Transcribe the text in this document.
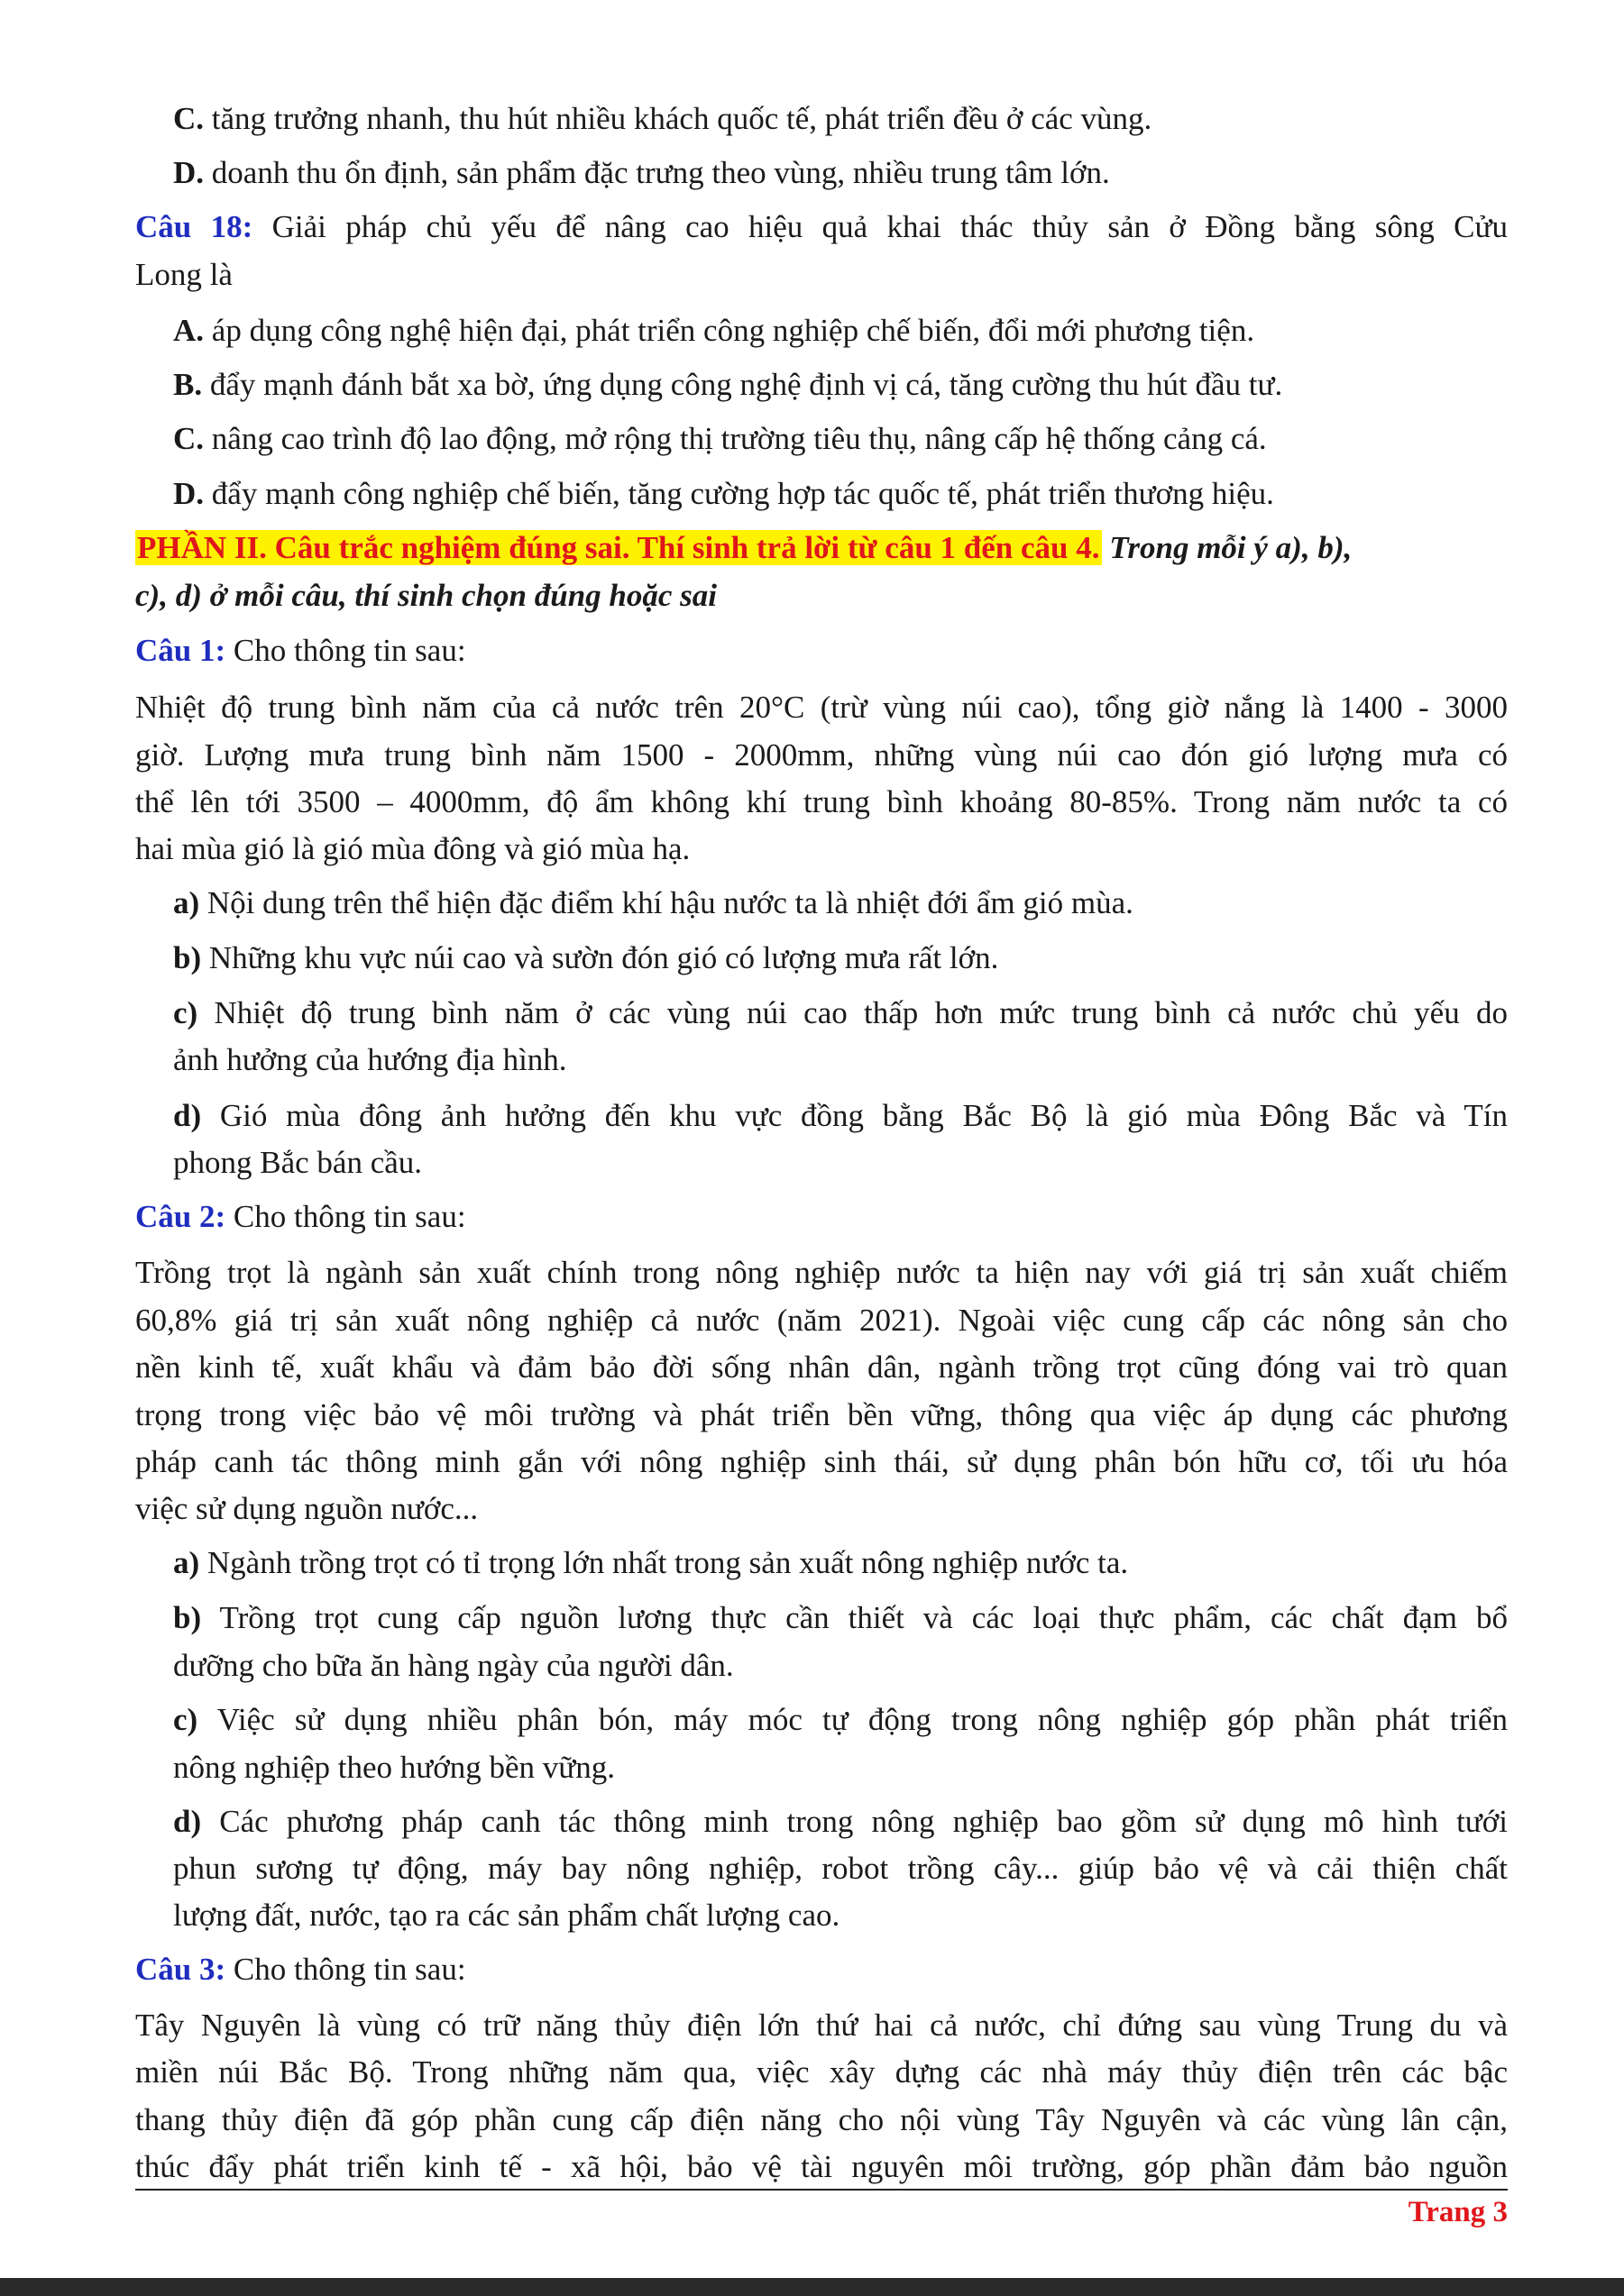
C. tăng trưởng nhanh, thu hút nhiều khách quốc tế, phát triển đều ở các vùng.
D. doanh thu ổn định, sản phẩm đặc trưng theo vùng, nhiều trung tâm lớn.
Câu 18: Giải pháp chủ yếu để nâng cao hiệu quả khai thác thủy sản ở Đồng bằng sông Cửu
Long là
A. áp dụng công nghệ hiện đại, phát triển công nghiệp chế biến, đổi mới phương tiện.
B. đẩy mạnh đánh bắt xa bờ, ứng dụng công nghệ định vị cá, tăng cường thu hút đầu tư.
C. nâng cao trình độ lao động, mở rộng thị trường tiêu thụ, nâng cấp hệ thống cảng cá.
D. đẩy mạnh công nghiệp chế biến, tăng cường hợp tác quốc tế, phát triển thương hiệu.
PHẦN II. Câu trắc nghiệm đúng sai. Thí sinh trả lời từ câu 1 đến câu 4. Trong mỗi ý a), b),
c), d) ở mỗi câu, thí sinh chọn đúng hoặc sai
Câu 1: Cho thông tin sau:
Nhiệt độ trung bình năm của cả nước trên 20°C (trừ vùng núi cao), tổng giờ nắng là 1400 - 3000
giờ. Lượng mưa trung bình năm 1500 - 2000mm, những vùng núi cao đón gió lượng mưa có
thể lên tới 3500 – 4000mm, độ ẩm không khí trung bình khoảng 80-85%. Trong năm nước ta có
hai mùa gió là gió mùa đông và gió mùa hạ.
a) Nội dung trên thể hiện đặc điểm khí hậu nước ta là nhiệt đới ẩm gió mùa.
b) Những khu vực núi cao và sườn đón gió có lượng mưa rất lớn.
c) Nhiệt độ trung bình năm ở các vùng núi cao thấp hơn mức trung bình cả nước chủ yếu do
ảnh hưởng của hướng địa hình.
d) Gió mùa đông ảnh hưởng đến khu vực đồng bằng Bắc Bộ là gió mùa Đông Bắc và Tín
phong Bắc bán cầu.
Câu 2: Cho thông tin sau:
Trồng trọt là ngành sản xuất chính trong nông nghiệp nước ta hiện nay với giá trị sản xuất chiếm
60,8% giá trị sản xuất nông nghiệp cả nước (năm 2021). Ngoài việc cung cấp các nông sản cho
nền kinh tế, xuất khẩu và đảm bảo đời sống nhân dân, ngành trồng trọt cũng đóng vai trò quan
trọng trong việc bảo vệ môi trường và phát triển bền vững, thông qua việc áp dụng các phương
pháp canh tác thông minh gắn với nông nghiệp sinh thái, sử dụng phân bón hữu cơ, tối ưu hóa
việc sử dụng nguồn nước...
a) Ngành trồng trọt có tỉ trọng lớn nhất trong sản xuất nông nghiệp nước ta.
b) Trồng trọt cung cấp nguồn lương thực cần thiết và các loại thực phẩm, các chất đạm bổ
dưỡng cho bữa ăn hàng ngày của người dân.
c) Việc sử dụng nhiều phân bón, máy móc tự động trong nông nghiệp góp phần phát triển
nông nghiệp theo hướng bền vững.
d) Các phương pháp canh tác thông minh trong nông nghiệp bao gồm sử dụng mô hình tưới
phun sương tự động, máy bay nông nghiệp, robot trồng cây... giúp bảo vệ và cải thiện chất
lượng đất, nước, tạo ra các sản phẩm chất lượng cao.
Câu 3: Cho thông tin sau:
Tây Nguyên là vùng có trữ năng thủy điện lớn thứ hai cả nước, chỉ đứng sau vùng Trung du và
miền núi Bắc Bộ. Trong những năm qua, việc xây dựng các nhà máy thủy điện trên các bậc
thang thủy điện đã góp phần cung cấp điện năng cho nội vùng Tây Nguyên và các vùng lân cận,
thúc đẩy phát triển kinh tế - xã hội, bảo vệ tài nguyên môi trường, góp phần đảm bảo nguồn
Trang 3
